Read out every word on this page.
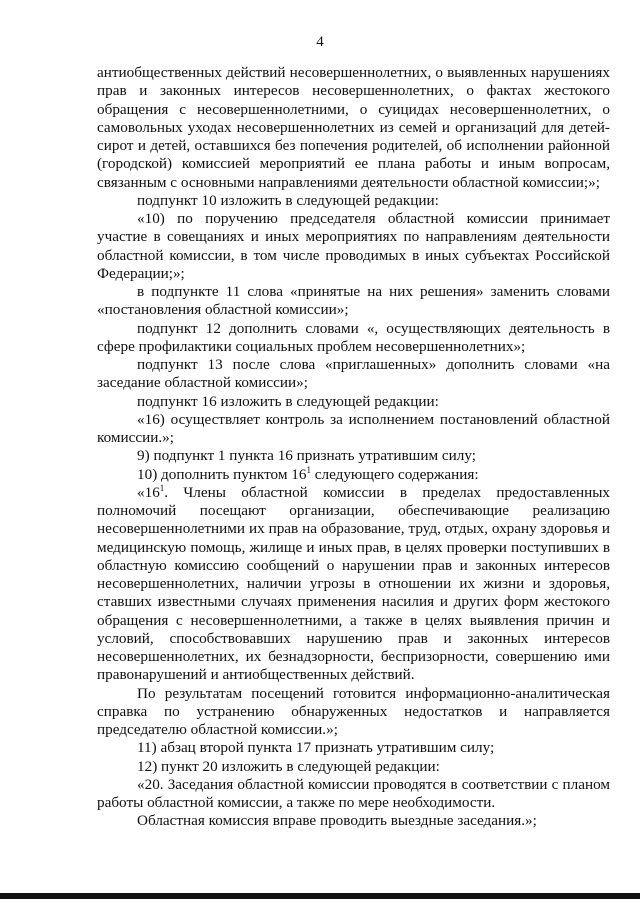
4

антиобщественных действий несовершеннолетних, о выявленных нарушениях прав и законных интересов несовершеннолетних, о фактах жестокого обращения с несовершеннолетними, о суицидах несовершеннолетних, о самовольных уходах несовершеннолетних из семей и организаций для детей-сирот и детей, оставшихся без попечения родителей, об исполнении районной (городской) комиссией мероприятий ее плана работы и иным вопросам, связанным с основными направлениями деятельности областной комиссии;»;

подпункт 10 изложить в следующей редакции:

«10) по поручению председателя областной комиссии принимает участие в совещаниях и иных мероприятиях по направлениям деятельности областной комиссии, в том числе проводимых в иных субъектах Российской Федерации;»;

в подпункте 11 слова «принятые на них решения» заменить словами «постановления областной комиссии»;

подпункт 12 дополнить словами «, осуществляющих деятельность в сфере профилактики социальных проблем несовершеннолетних»;

подпункт 13 после слова «приглашенных» дополнить словами «на заседание областной комиссии»;

подпункт 16 изложить в следующей редакции:

«16) осуществляет контроль за исполнением постановлений областной комиссии.»;

9) подпункт 1 пункта 16 признать утратившим силу;

10) дополнить пунктом $16^1$ следующего содержания:

«$16^1$. Члены областной комиссии в пределах предоставленных полномочий посещают организации, обеспечивающие реализацию несовершеннолетними их прав на образование, труд, отдых, охрану здоровья и медицинскую помощь, жилище и иных прав, в целях проверки поступивших в областную комиссию сообщений о нарушении прав и законных интересов несовершеннолетних, наличии угрозы в отношении их жизни и здоровья, ставших известными случаях применения насилия и других форм жестокого обращения с несовершеннолетними, а также в целях выявления причин и условий, способствовавших нарушению прав и законных интересов несовершеннолетних, их безнадзорности, беспризорности, совершению ими правонарушений и антиобщественных действий.

По результатам посещений готовится информационно-аналитическая справка по устранению обнаруженных недостатков и направляется председателю областной комиссии.»;

11) абзац второй пункта 17 признать утратившим силу;

12) пункт 20 изложить в следующей редакции:

«20. Заседания областной комиссии проводятся в соответствии с планом работы областной комиссии, а также по мере необходимости.

Областная комиссия вправе проводить выездные заседания.»;
